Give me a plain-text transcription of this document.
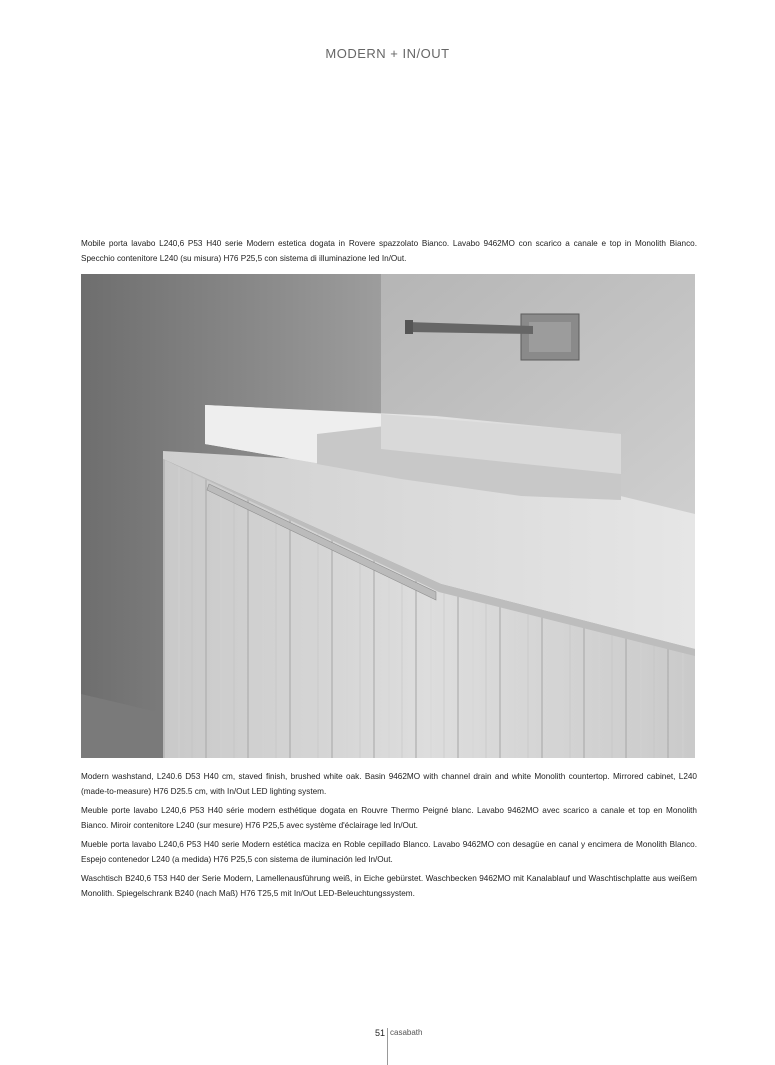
MODERN + IN/OUT
Mobile porta lavabo L240,6 P53 H40 serie Modern estetica dogata in Rovere spazzolato Bianco. Lavabo 9462MO con scarico a canale e top in Monolith Bianco. Specchio contenitore L240 (su misura) H76 P25,5 con sistema di illuminazione led In/Out.

Modern washstand, L240.6 D53 H40 cm, staved finish, brushed white oak. Basin 9462MO with channel drain and white Monolith countertop. Mirrored cabinet, L240 (made-to-measure) H76 D25.5 cm, with In/Out LED lighting system.

Meuble porte lavabo L240,6 P53 H40 série modern esthétique dogata en Rouvre Thermo Peigné blanc. Lavabo 9462MO avec scarico a canale et top en Monolith Bianco. Miroir contenitore L240 (sur mesure) H76 P25,5 avec système d'éclairage led In/Out.

Mueble porta lavabo L240,6 P53 H40 serie Modern estética maciza en Roble cepillado Blanco. Lavabo 9462MO con desagüe en canal y encimera de Monolith Blanco. Espejo contenedor L240 (a medida) H76 P25,5 con sistema de iluminación led In/Out.

Waschtisch B240,6 T53 H40 der Serie Modern, Lamellenausführung weiß, in Eiche gebürstet. Waschbecken 9462MO mit Kanalablauf und Waschtischplatte aus weißem Monolith. Spiegelschrank B240 (nach Maß) H76 T25,5 mit In/Out LED-Beleuchtungssystem.

51 casabath
